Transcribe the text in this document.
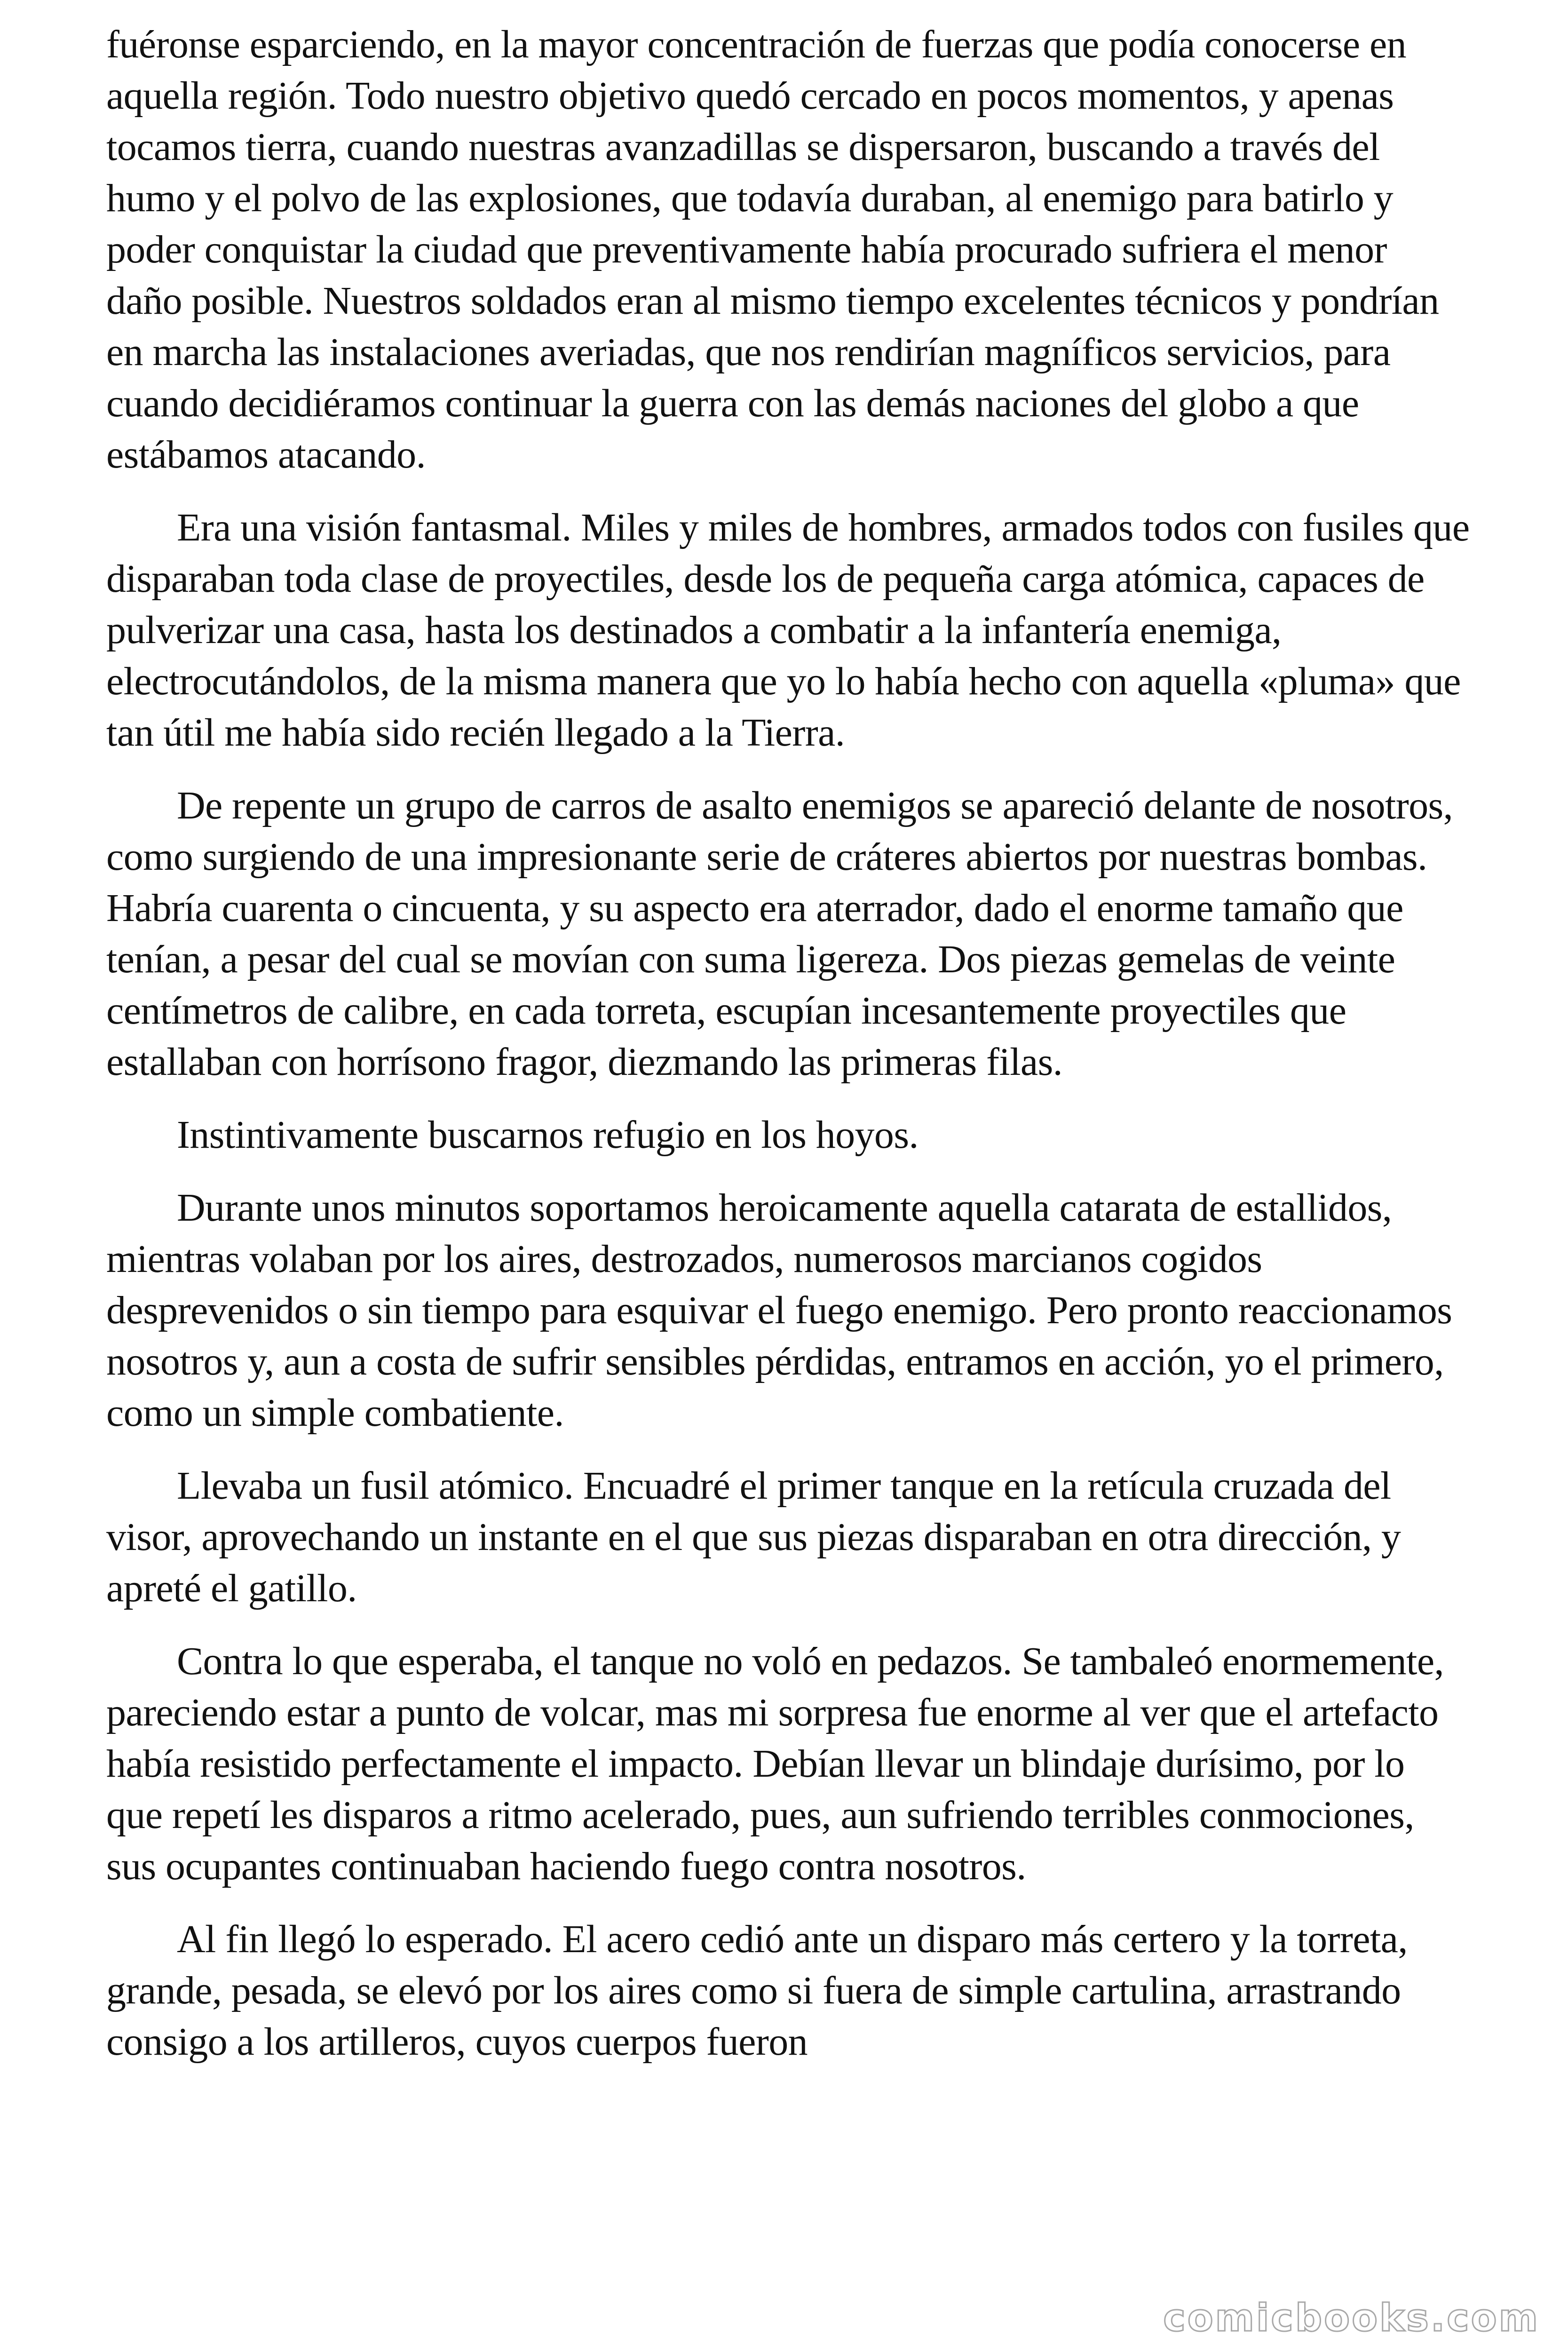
fuéronse esparciendo, en la mayor concentración de fuerzas que podía conocerse en aquella región. Todo nuestro objetivo quedó cercado en pocos momentos, y apenas tocamos tierra, cuando nuestras avanzadillas se dispersaron, buscando a través del humo y el polvo de las explosiones, que todavía duraban, al enemigo para batirlo y poder conquistar la ciudad que preventivamente había procurado sufriera el menor daño posible. Nuestros soldados eran al mismo tiempo excelentes técnicos y pondrían en marcha las instalaciones averiadas, que nos rendirían magníficos servicios, para cuando decidiéramos continuar la guerra con las demás naciones del globo a que estábamos atacando.

Era una visión fantasmal. Miles y miles de hombres, armados todos con fusiles que disparaban toda clase de proyectiles, desde los de pequeña carga atómica, capaces de pulverizar una casa, hasta los destinados a combatir a la infantería enemiga, electrocutándolos, de la misma manera que yo lo había hecho con aquella «pluma» que tan útil me había sido recién llegado a la Tierra.

De repente un grupo de carros de asalto enemigos se apareció delante de nosotros, como surgiendo de una impresionante serie de cráteres abiertos por nuestras bombas. Habría cuarenta o cincuenta, y su aspecto era aterrador, dado el enorme tamaño que tenían, a pesar del cual se movían con suma ligereza. Dos piezas gemelas de veinte centímetros de calibre, en cada torreta, escupían incesantemente proyectiles que estallaban con horrísono fragor, diezmando las primeras filas.

Instintivamente buscarnos refugio en los hoyos.

Durante unos minutos soportamos heroicamente aquella catarata de estallidos, mientras volaban por los aires, destrozados, numerosos marcianos cogidos desprevenidos o sin tiempo para esquivar el fuego enemigo. Pero pronto reaccionamos nosotros y, aun a costa de sufrir sensibles pérdidas, entramos en acción, yo el primero, como un simple combatiente.

Llevaba un fusil atómico. Encuadré el primer tanque en la retícula cruzada del visor, aprovechando un instante en el que sus piezas disparaban en otra dirección, y apreté el gatillo.

Contra lo que esperaba, el tanque no voló en pedazos. Se tambaleó enormemente, pareciendo estar a punto de volcar, mas mi sorpresa fue enorme al ver que el artefacto había resistido perfectamente el impacto. Debían llevar un blindaje durísimo, por lo que repetí les disparos a ritmo acelerado, pues, aun sufriendo terribles conmociones, sus ocupantes continuaban haciendo fuego contra nosotros.

Al fin llegó lo esperado. El acero cedió ante un disparo más certero y la torreta, grande, pesada, se elevó por los aires como si fuera de simple cartulina, arrastrando consigo a los artilleros, cuyos cuerpos fueron

comicbooks.com
